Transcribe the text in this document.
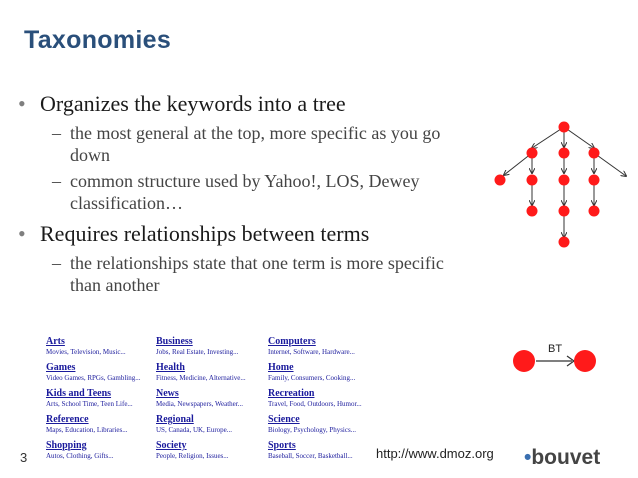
Taxonomies
• Organizes the keywords into a tree
– the most general at the top, more specific as you go down
– common structure used by Yahoo!, LOS, Dewey classification…
• Requires relationships between terms
– the relationships state that one term is more specific than another
BT
Arts
Movies, Television, Music...
Business
Jobs, Real Estate, Investing...
Computers
Internet, Software, Hardware...
Games
Video Games, RPGs, Gambling...
Health
Fitness, Medicine, Alternative...
Home
Family, Consumers, Cooking...
Kids and Teens
Arts, School Time, Teen Life...
News
Media, Newspapers, Weather...
Recreation
Travel, Food, Outdoors, Humor...
Reference
Maps, Education, Libraries...
Regional
US, Canada, UK, Europe...
Science
Biology, Psychology, Physics...
Shopping
Autos, Clothing, Gifts...
Society
People, Religion, Issues...
Sports
Baseball, Soccer, Basketball...
3	http://www.dmoz.org •bouvet
